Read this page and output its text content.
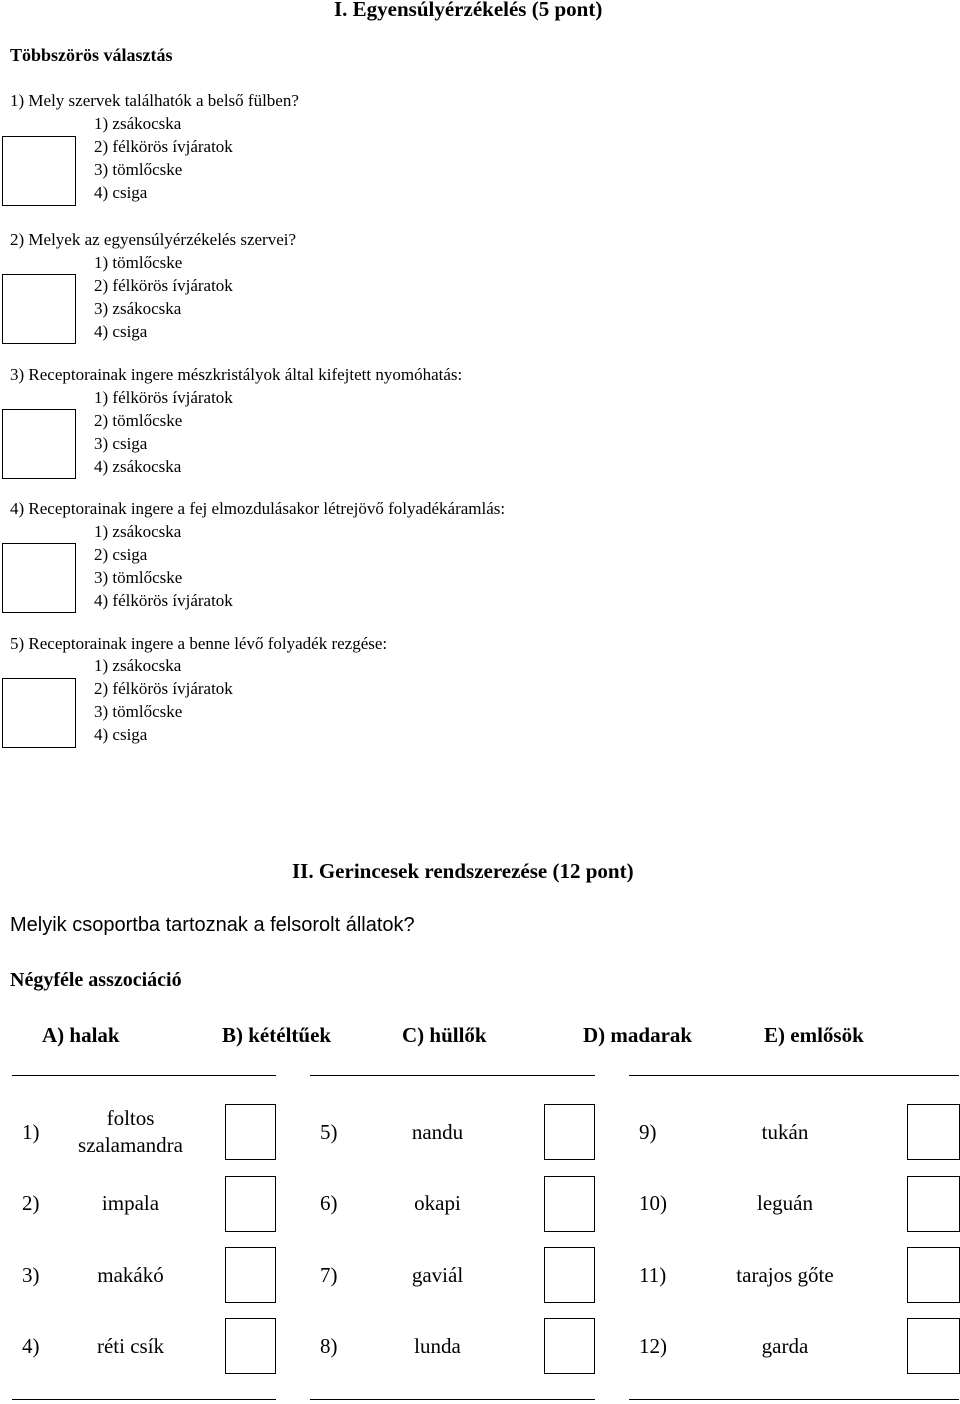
I. Egyensúlyérzékelés (5 pont)
Többszörös választás
1) Mely szervek találhatók a belső fülben?
1) zsákocska
2) félkörös ívjáratok
3) tömlőcske
4) csiga
2) Melyek az egyensúlyérzékelés szervei?
1) tömlőcske
2) félkörös ívjáratok
3) zsákocska
4) csiga
3) Receptorainak ingere mészkristályok által kifejtett nyomóhatás:
1) félkörös ívjáratok
2) tömlőcske
3) csiga
4) zsákocska
4) Receptorainak ingere a fej elmozdulásakor létrejövő folyadékáramlás:
1) zsákocska
2) csiga
3) tömlőcske
4) félkörös ívjáratok
5) Receptorainak ingere a benne lévő folyadék rezgése:
1) zsákocska
2) félkörös ívjáratok
3) tömlőcske
4) csiga
II. Gerincesek rendszerezése (12 pont)
Melyik csoportba tartoznak a felsorolt állatok?
Négyféle asszociáció
A) halak	B) kétéltűek	C) hüllők	D) madarak	E) emlősök
1)
foltos szalamandra
2)	impala
3)	makákó
4)	réti csík
5)	nandu
6)	okapi
7)	gaviál
8)	lunda
9)	tukán
10)	leguán
11)	tarajos gőte
12)	garda
